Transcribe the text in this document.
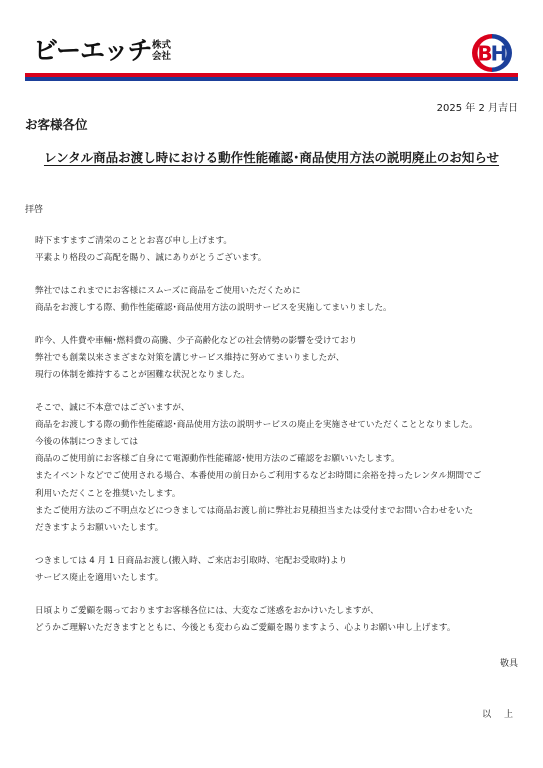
ビーエッチ 株式
会社	B
H
2025 年 2 月吉日
お客様各位
レンタル商品お渡し時における動作性能確認･商品使用方法の説明廃止のお知らせ
拝啓
時下ますますご清栄のこととお喜び申し上げます。
平素より格段のご高配を賜り、誠にありがとうございます。
弊社ではこれまでにお客様にスムーズに商品をご使用いただくために
商品をお渡しする際、動作性能確認･商品使用方法の説明サービスを実施してまいりました。
昨今、人件費や車輛･燃料費の高騰、少子高齢化などの社会情勢の影響を受けており
弊社でも創業以来さまざまな対策を講じサービス維持に努めてまいりましたが、
現行の体制を維持することが困難な状況となりました。
そこで、誠に不本意ではございますが、
商品をお渡しする際の動作性能確認･商品使用方法の説明サービスの廃止を実施させていただくこととなりました。
今後の体制につきましては
商品のご使用前にお客様ご自身にて電源動作性能確認･使用方法のご確認をお願いいたします。
またイベントなどでご使用される場合、本番使用の前日からご利用するなどお時間に余裕を持ったレンタル期間でご
利用いただくことを推奨いたします。
またご使用方法のご不明点などにつきましては商品お渡し前に弊社お見積担当または受付までお問い合わせをいた
だきますようお願いいたします。
つきましては 4 月 1 日商品お渡し(搬入時、ご来店お引取時、宅配お受取時)より
サービス廃止を適用いたします。
日頃よりご愛顧を賜っておりますお客様各位には、大変なご迷惑をおかけいたしますが、
どうかご理解いただきますとともに、今後とも変わらぬご愛顧を賜りますよう、心よりお願い申し上げます。
敬具
以 上
